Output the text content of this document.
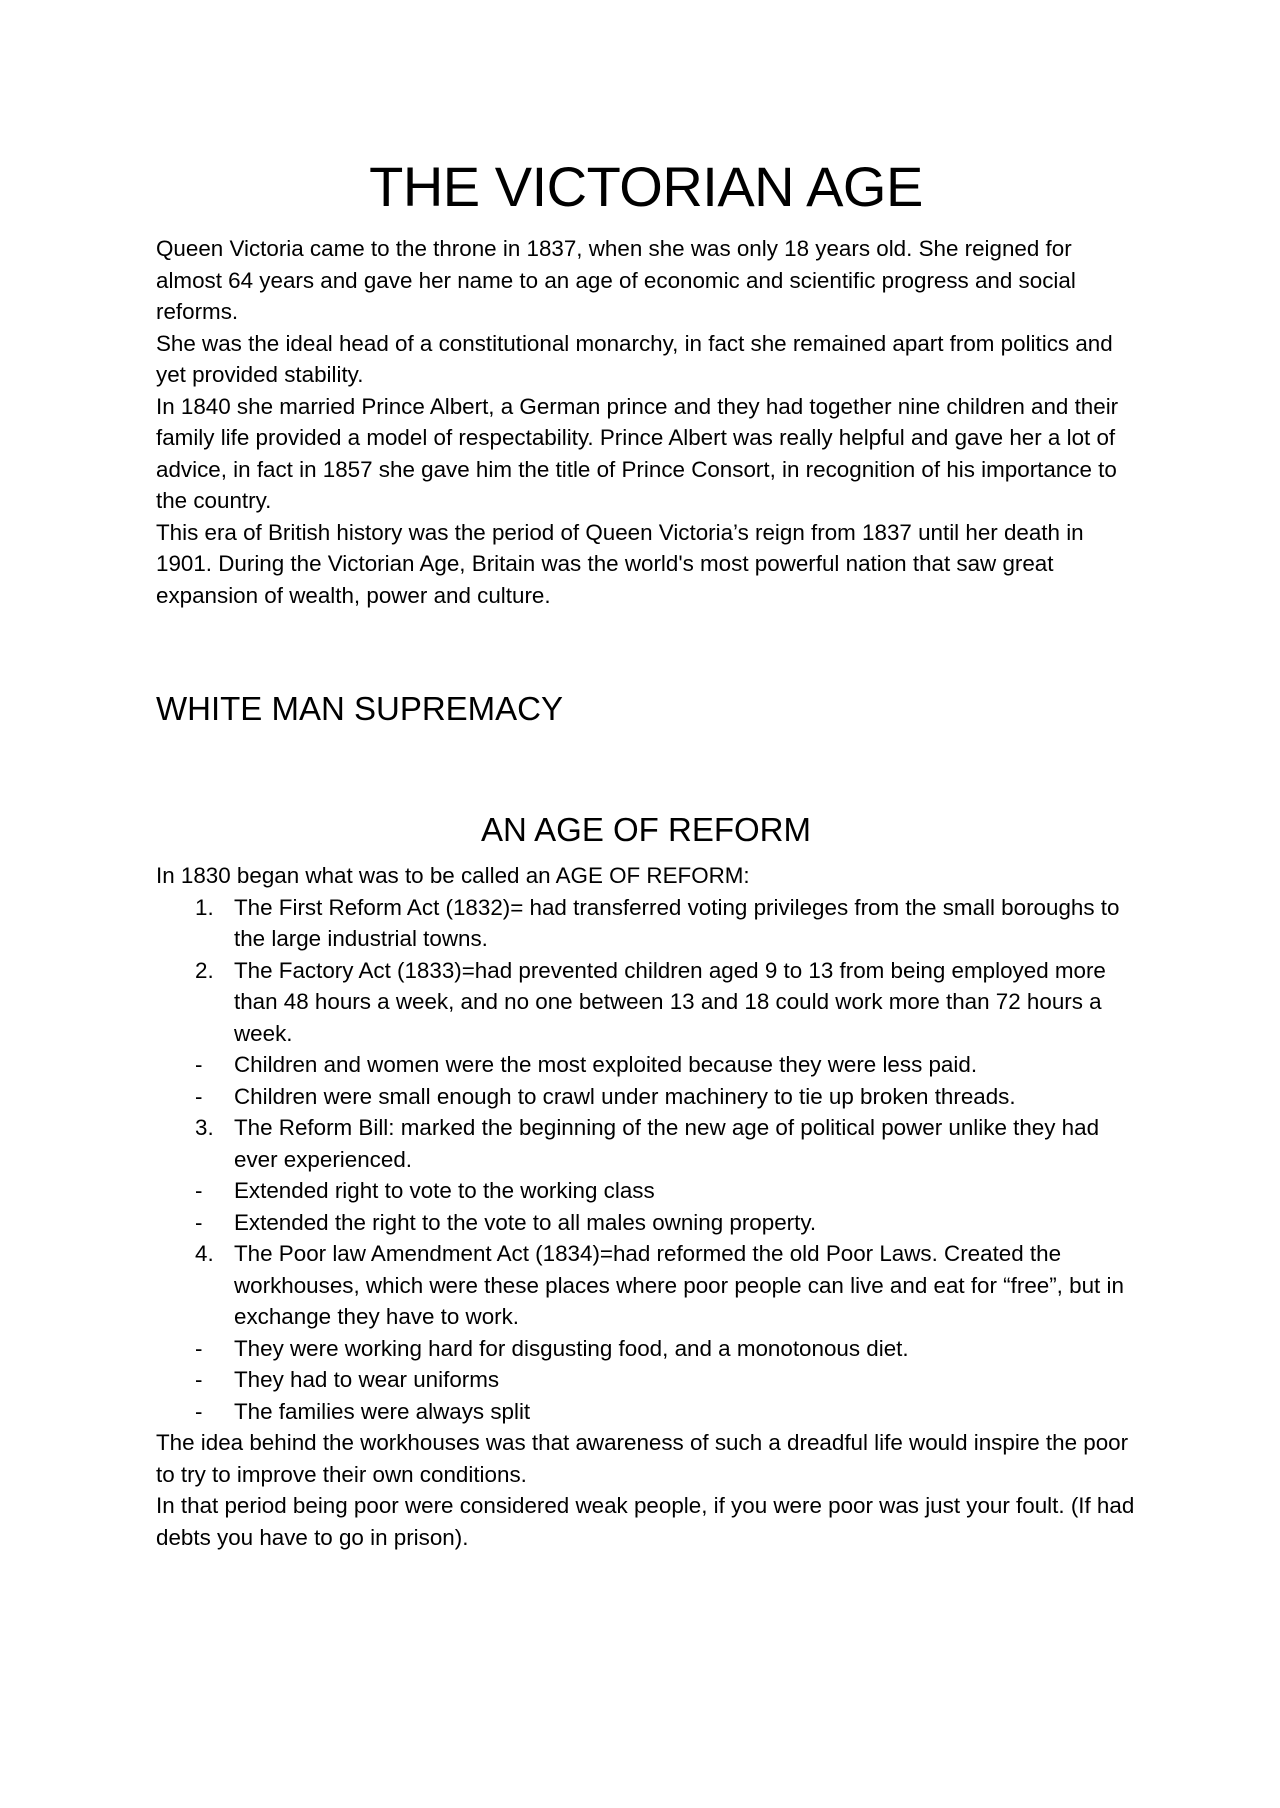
THE VICTORIAN AGE

Queen Victoria came to the throne in 1837, when she was only 18 years old. She reigned for almost 64 years and gave her name to an age of economic and scientific progress and social reforms.

She was the ideal head of a constitutional monarchy, in fact she remained apart from politics and yet provided stability.

In 1840 she married Prince Albert, a German prince and they had together nine children and their family life provided a model of respectability. Prince Albert was really helpful and gave her a lot of advice, in fact in 1857 she gave him the title of Prince Consort, in recognition of his importance to the country.

This era of British history was the period of Queen Victoria’s reign from 1837 until her death in 1901. During the Victorian Age, Britain was the world's most powerful nation that saw great expansion of wealth, power and culture.

WHITE MAN SUPREMACY
AN AGE OF REFORM

In 1830 began what was to be called an AGE OF REFORM:

1. The First Reform Act (1832)= had transferred voting privileges from the small boroughs to the large industrial towns.
2. The Factory Act (1833)=had prevented children aged 9 to 13 from being employed more than 48 hours a week, and no one between 13 and 18 could work more than 72 hours a week.
-	Children and women were the most exploited because they were less paid.
-	Children were small enough to crawl under machinery to tie up broken threads.
3. The Reform Bill: marked the beginning of the new age of political power unlike they had ever experienced.
-	Extended right to vote to the working class
-	Extended the right to the vote to all males owning property.
4. The Poor law Amendment Act (1834)=had reformed the old Poor Laws. Created the workhouses, which were these places where poor people can live and eat for “free”, but in exchange they have to work.
-	They were working hard for disgusting food, and a monotonous diet.
-	They had to wear uniforms
-	The families were always split

The idea behind the workhouses was that awareness of such a dreadful life would inspire the poor to try to improve their own conditions.

In that period being poor were considered weak people, if you were poor was just your foult. (If had debts you have to go in prison).
